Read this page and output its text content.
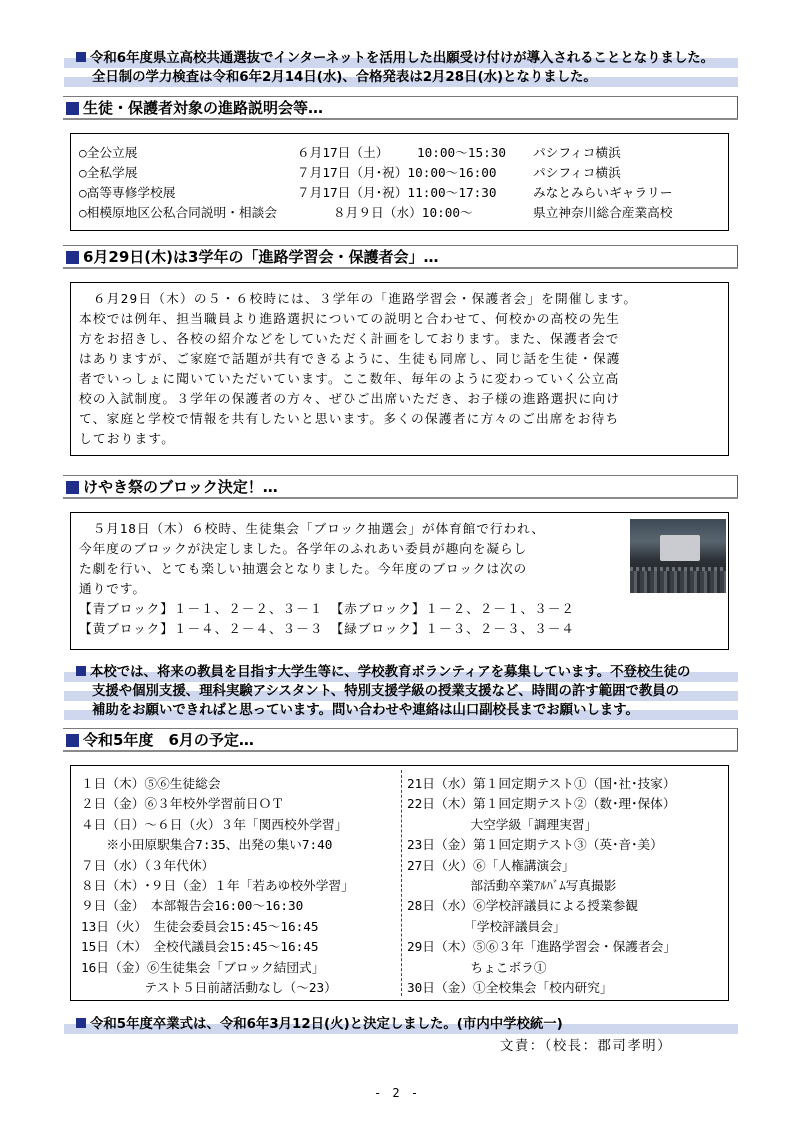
令和6年度県立高校共通選抜でインターネットを活用した出願受け付けが導入されることとなりました。
全日制の学力検査は令和6年2月14日(水)、合格発表は2月28日(水)となりました。
生徒・保護者対象の進路説明会等…
○全公立展	６月17日（土） 10:00～15:30 パシフィコ横浜
○全私学展	７月17日（月･祝）10:00～16:00	パシフィコ横浜
○高等専修学校展	７月17日（月･祝）11:00～17:30	みなとみらいギャラリー
○相模原地区公私合同説明・相談会	８月９日（水）10:00～	県立神奈川総合産業高校
6月29日(木)は3学年の「進路学習会・保護者会」…
　６月29日（木）の５・６校時には、３学年の「進路学習会・保護者会」を開催します。
本校では例年、担当職員より進路選択についての説明と合わせて、何校かの高校の先生
方をお招きし、各校の紹介などをしていただく計画をしております。また、保護者会で
はありますが、ご家庭で話題が共有できるように、生徒も同席し、同じ話を生徒・保護
者でいっしょに聞いていただいています。ここ数年、毎年のように変わっていく公立高
校の入試制度。３学年の保護者の方々、ぜひご出席いただき、お子様の進路選択に向け
て、家庭と学校で情報を共有したいと思います。多くの保護者に方々のご出席をお待ち
しております。
けやき祭のブロック決定！…
　５月18日（木）６校時、生徒集会「ブロック抽選会」が体育館で行われ、
今年度のブロックが決定しました。各学年のふれあい委員が趣向を凝らし
た劇を行い、とても楽しい抽選会となりました。今年度のブロックは次の
通りです。
【青ブロック】１－１、２－２、３－１　【赤ブロック】１－２、２－１、３－２
【黄ブロック】１－４、２－４、３－３　【緑ブロック】１－３、２－３、３－４
本校では、将来の教員を目指す大学生等に、学校教育ボランティアを募集しています。不登校生徒の
支援や個別支援、理科実験アシスタント、特別支援学級の授業支援など、時間の許す範囲で教員の
補助をお願いできればと思っています。問い合わせや連絡は山口副校長までお願いします。
令和5年度　6月の予定…
１日（木）⑤⑥生徒総会
２日（金）⑥３年校外学習前日ＯＴ
４日（日）～６日（火）３年「関西校外学習」
　　※小田原駅集合7:35、出発の集い7:40
７日（水）（３年代休）
８日（木）･９日（金）１年「若あゆ校外学習」
９日（金）　本部報告会16:00～16:30
13日（火）　生徒会委員会15:45～16:45
15日（木）　全校代議員会15:45～16:45
16日（金）⑥生徒集会「ブロック結団式」
　　　　　テスト５日前諸活動なし（～23）
21日（水）第１回定期テスト①（国･社･技家）
22日（木）第１回定期テスト②（数･理･保体）
　　　　　大空学級「調理実習」
23日（金）第１回定期テスト③（英･音･美）
27日（火）⑥「人権講演会」
　　　　　部活動卒業ｱﾙﾊﾞﾑ写真撮影
28日（水）⑥学校評議員による授業参観
　　　　　「学校評議員会」
29日（木）⑤⑥３年「進路学習会・保護者会」
　　　　　ちょこボラ①
30日（金）①全校集会「校内研究」
令和5年度卒業式は、令和6年3月12日(火)と決定しました。(市内中学校統一)
文責：（校長：郡司孝明）
- 2 -
